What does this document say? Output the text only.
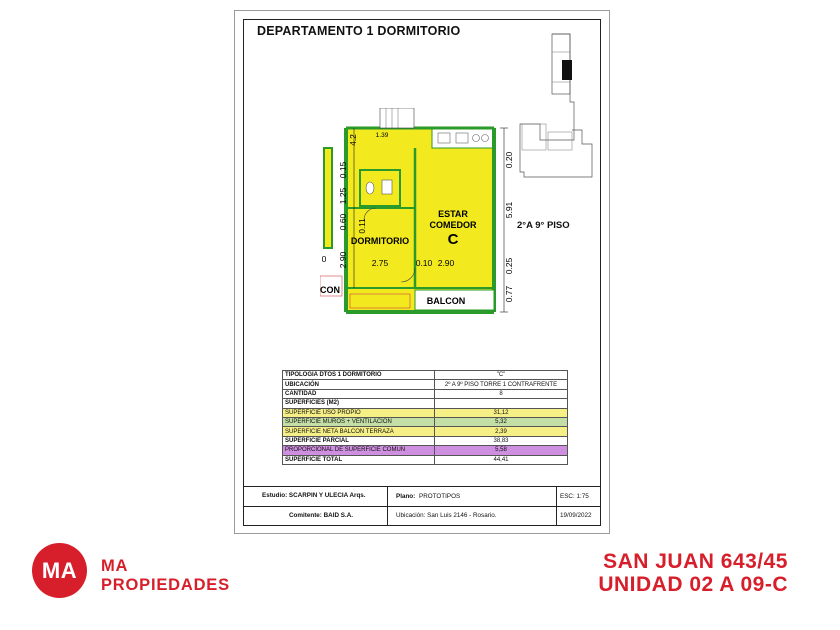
DEPARTAMENTO 1 DORMITORIO
ESTAR
COMEDOR
C
DORMITORIO
BALCON
CON
2.75	0.10 2.90
1.39
0
4.2
0.15
1.25
0.60 0.11
2.90
0.20
5.91
0.25
0.77
2°A 9° PISO
TIPOLOGIA DTOS 1 DORMITORIO	"C"
UBICACIÓN	2º A 9º PISO TORRE 1 CONTRAFRENTE
CANTIDAD	8
SUPERFICIES (M2)	
SUPERFICIE USO PROPIO	31,12
SUPERFICIE MUROS + VENTILACION	5,32
SUPERFICIE NETA BALCON TERRAZA	2,39
SUPERFICIE PARCIAL	38,83
PROPORCIONAL DE SUPERFICIE COMUN	5,58
SUPERFICIE TOTAL	44,41
Estudio: SCARPIN Y ULECIA Arqs.	Plano: PROTOTIPOS	ESC: 1:75
Comitente: BAID S.A.	Ubicación: San Luis 2146 - Rosario.	19/09/2022
MA	MA
PROPIEDADES
SAN JUAN 643/45
UNIDAD 02 A 09-C
